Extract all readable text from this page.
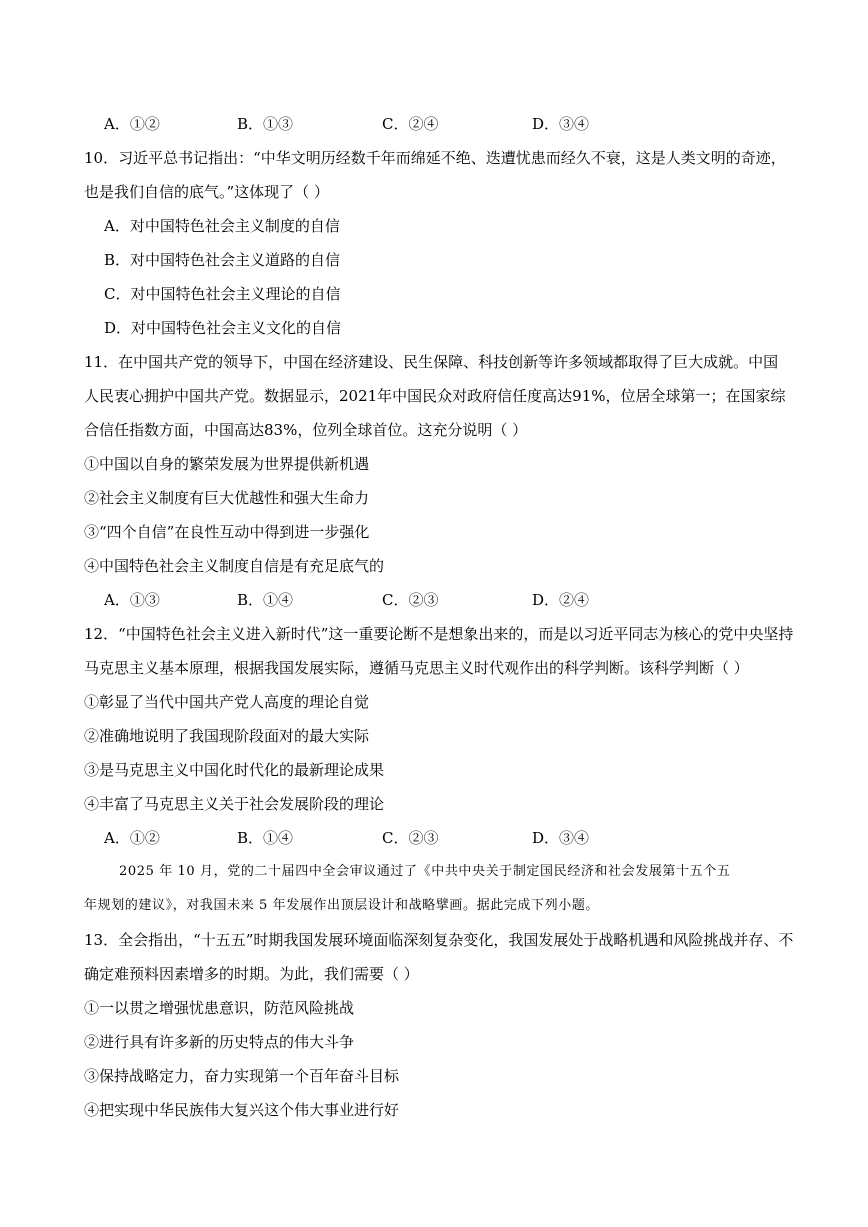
A．①②	B．①③	C．②④	D．③④
10．习近平总书记指出：“中华文明历经数千年而绵延不绝、迭遭忧患而经久不衰，这是人类文明的奇迹，
也是我们自信的底气。”这体现了（ ）
A．对中国特色社会主义制度的自信
B．对中国特色社会主义道路的自信
C．对中国特色社会主义理论的自信
D．对中国特色社会主义文化的自信
11．在中国共产党的领导下，中国在经济建设、民生保障、科技创新等许多领域都取得了巨大成就。中国
人民衷心拥护中国共产党。数据显示，2021年中国民众对政府信任度高达91%，位居全球第一；在国家综
合信任指数方面，中国高达83%，位列全球首位。这充分说明（ ）
①中国以自身的繁荣发展为世界提供新机遇
②社会主义制度有巨大优越性和强大生命力
③“四个自信”在良性互动中得到进一步强化
④中国特色社会主义制度自信是有充足底气的
A．①③	B．①④	C．②③	D．②④
12．“中国特色社会主义进入新时代”这一重要论断不是想象出来的，而是以习近平同志为核心的党中央坚持
马克思主义基本原理，根据我国发展实际，遵循马克思主义时代观作出的科学判断。该科学判断（ ）
①彰显了当代中国共产党人高度的理论自觉
②准确地说明了我国现阶段面对的最大实际
③是马克思主义中国化时代化的最新理论成果
④丰富了马克思主义关于社会发展阶段的理论
A．①②	B．①④	C．②③	D．③④
2025 年 10 月，党的二十届四中全会审议通过了《中共中央关于制定国民经济和社会发展第十五个五
年规划的建议》，对我国未来 5 年发展作出顶层设计和战略擘画。据此完成下列小题。
13．全会指出，“十五五”时期我国发展环境面临深刻复杂变化，我国发展处于战略机遇和风险挑战并存、不
确定难预料因素增多的时期。为此，我们需要（ ）
①一以贯之增强忧患意识，防范风险挑战
②进行具有许多新的历史特点的伟大斗争
③保持战略定力，奋力实现第一个百年奋斗目标
④把实现中华民族伟大复兴这个伟大事业进行好
